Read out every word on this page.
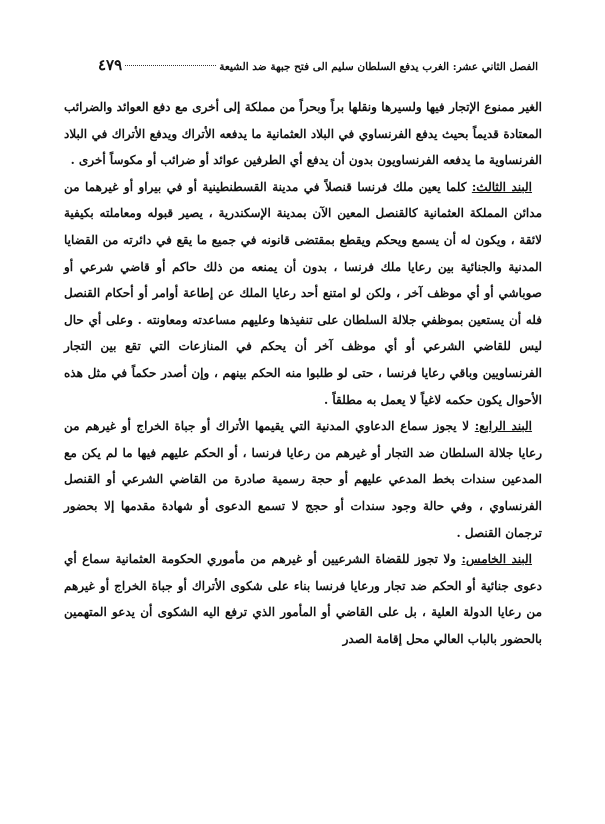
٤٧٩	الفصل الثاني عشر: الغرب يدفع السلطان سليم الى فتح جبهة ضد الشيعة

الغير ممنوع الإتجار فيها ولسيرها ونقلها براً وبحراً من مملكة إلى أخرى مع دفع العوائد والضرائب المعتادة قديماً بحيث يدفع الفرنساوي في البلاد العثمانية ما يدفعه الأتراك ويدفع الأتراك في البلاد الفرنساوية ما يدفعه الفرنساويون بدون أن يدفع أي الطرفين عوائد أو ضرائب أو مكوساً أخرى .

البند الثالث: كلما يعين ملك فرنسا قنصلاً في مدينة القسطنطينية أو في بيراو أو غيرهما من مدائن المملكة العثمانية كالقنصل المعين الآن بمدينة الإسكندرية ، يصير قبوله ومعاملته بكيفية لائقة ، ويكون له أن يسمع ويحكم ويقطع بمقتضى قانونه في جميع ما يقع في دائرته من القضايا المدنية والجنائية بين رعايا ملك فرنسا ، بدون أن يمنعه من ذلك حاكم أو قاضي شرعي أو صوباشي أو أي موظف آخر ، ولكن لو امتنع أحد رعايا الملك عن إطاعة أوامر أو أحكام القنصل فله أن يستعين بموظفي جلالة السلطان على تنفيذها وعليهم مساعدته ومعاونته . وعلى أي حال ليس للقاضي الشرعي أو أي موظف آخر أن يحكم في المنازعات التي تقع بين التجار الفرنساويين وباقي رعايا فرنسا ، حتى لو طلبوا منه الحكم بينهم ، وإن أصدر حكماً في مثل هذه الأحوال يكون حكمه لاغياً لا يعمل به مطلقاً .

البند الرابع: لا يجوز سماع الدعاوي المدنية التي يقيمها الأتراك أو جباة الخراج أو غيرهم من رعايا جلالة السلطان ضد التجار أو غيرهم من رعايا فرنسا ، أو الحكم عليهم فيها ما لم يكن مع المدعين سندات بخط المدعي عليهم أو حجة رسمية صادرة من القاضي الشرعي أو القنصل الفرنساوي ، وفي حالة وجود سندات أو حجج لا تسمع الدعوى أو شهادة مقدمها إلا بحضور ترجمان القنصل .

البند الخامس: ولا تجوز للقضاة الشرعيين أو غيرهم من مأموري الحكومة العثمانية سماع أي دعوى جنائية أو الحكم ضد تجار ورعايا فرنسا بناء على شكوى الأتراك أو جباة الخراج أو غيرهم من رعايا الدولة العلية ، بل على القاضي أو المأمور الذي ترفع اليه الشكوى أن يدعو المتهمين بالحضور بالباب العالي محل إقامة الصدر
